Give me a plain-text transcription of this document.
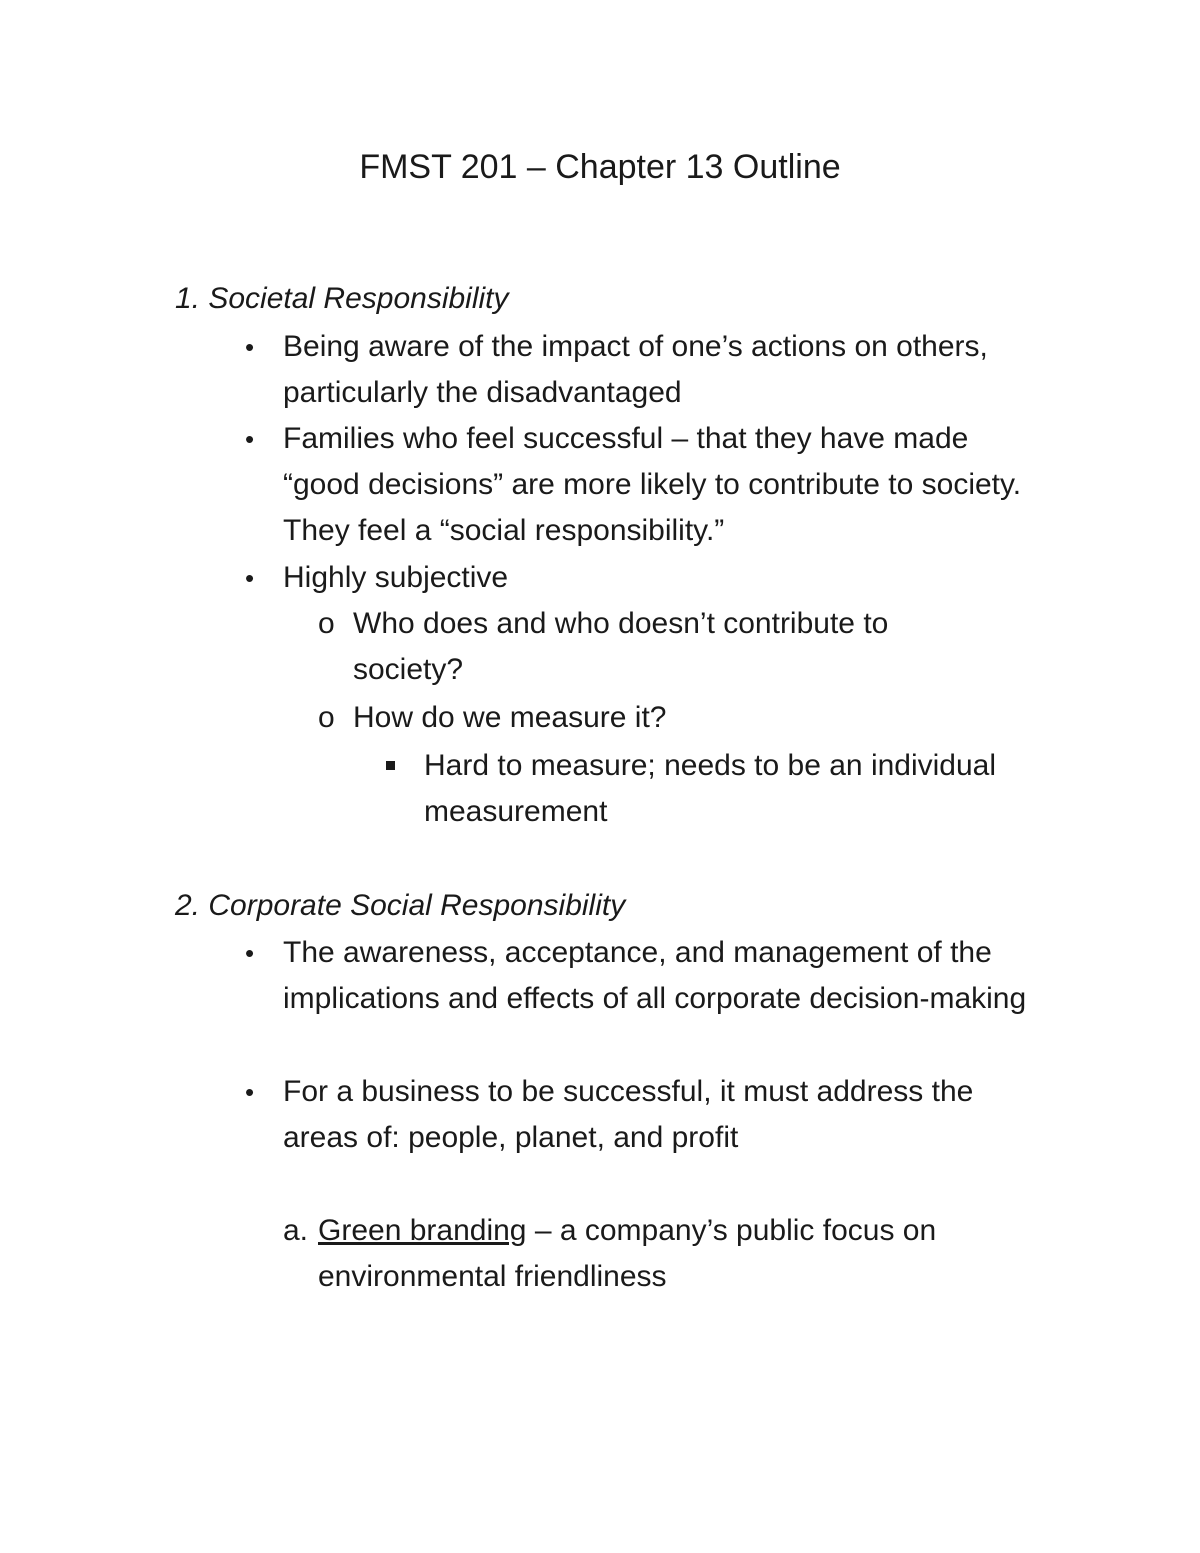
FMST 201 – Chapter 13 Outline
1. Societal Responsibility
• Being aware of the impact of one’s actions on others, particularly the disadvantaged
• Families who feel successful – that they have made “good decisions” are more likely to contribute to society. They feel a “social responsibility.”
• Highly subjective
o Who does and who doesn’t contribute to society?
o How do we measure it?
Hard to measure; needs to be an individual measurement
2. Corporate Social Responsibility
• The awareness, acceptance, and management of the implications and effects of all corporate decision-making
• For a business to be successful, it must address the areas of: people, planet, and profit
a. Green branding – a company’s public focus on environmental friendliness
